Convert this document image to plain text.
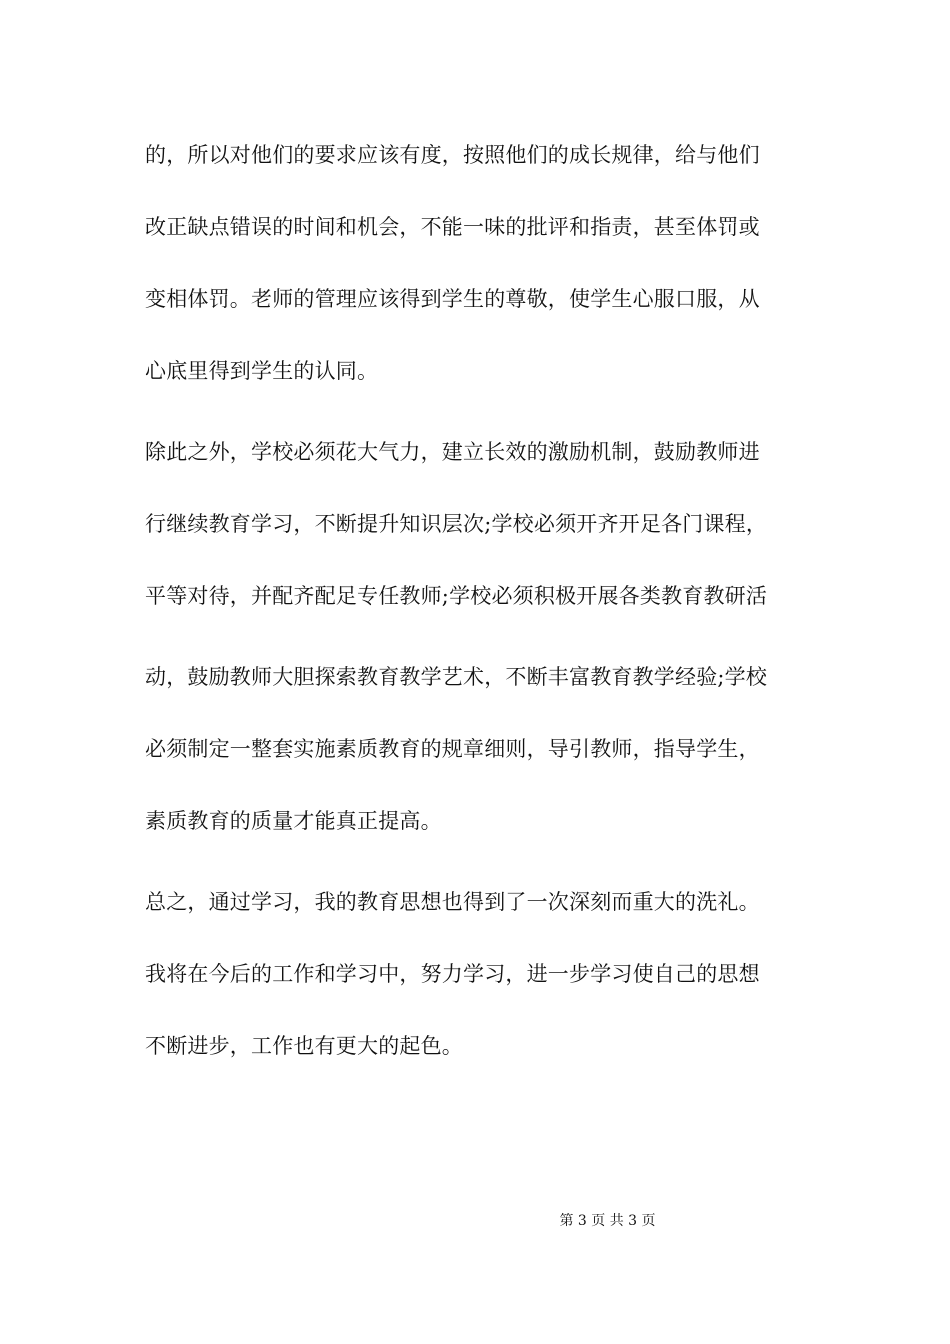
的，所以对他们的要求应该有度，按照他们的成长规律，给与他们
改正缺点错误的时间和机会，不能一味的批评和指责，甚至体罚或
变相体罚。老师的管理应该得到学生的尊敬，使学生心服口服，从
心底里得到学生的认同。
除此之外，学校必须花大气力，建立长效的激励机制，鼓励教师进
行继续教育学习，不断提升知识层次;学校必须开齐开足各门课程，
平等对待，并配齐配足专任教师;学校必须积极开展各类教育教研活
动，鼓励教师大胆探索教育教学艺术，不断丰富教育教学经验;学校
必须制定一整套实施素质教育的规章细则，导引教师，指导学生，
素质教育的质量才能真正提高。
总之，通过学习，我的教育思想也得到了一次深刻而重大的洗礼。
我将在今后的工作和学习中，努力学习，进一步学习使自己的思想
不断进步，工作也有更大的起色。
第 3 页 共 3 页
